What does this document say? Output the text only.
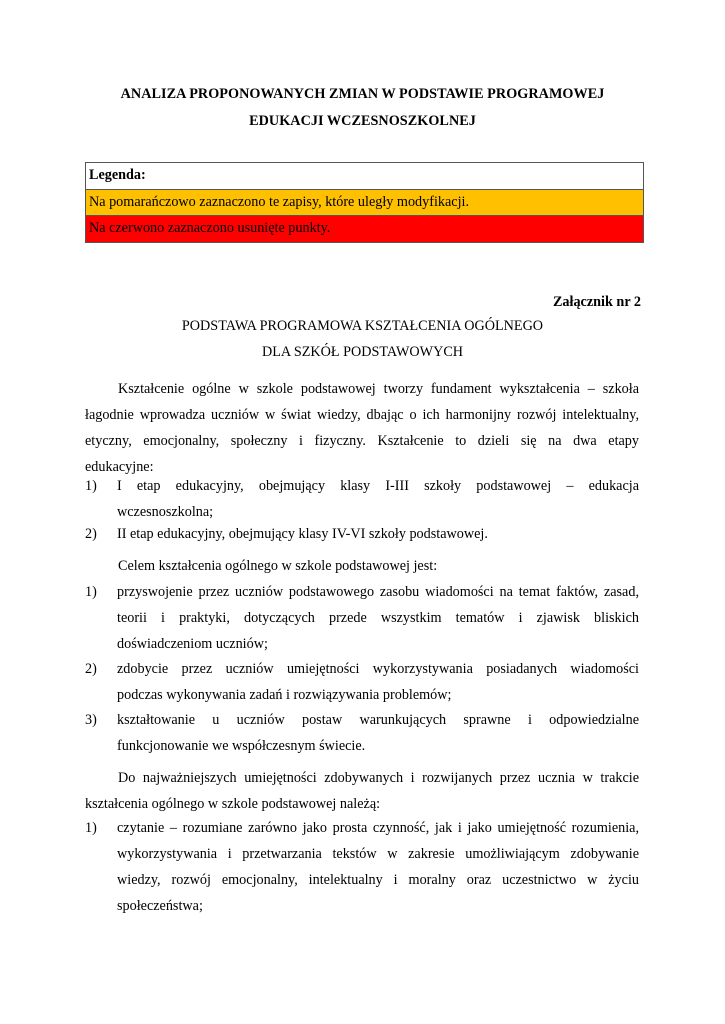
ANALIZA PROPONOWANYCH ZMIAN W PODSTAWIE PROGRAMOWEJ
EDUKACJI WCZESNOSZKOLNEJ
Legenda:
Na pomarańczowo zaznaczono te zapisy, które uległy modyfikacji.
Na czerwono zaznaczono usunięte punkty.
Załącznik nr 2
PODSTAWA PROGRAMOWA KSZTAŁCENIA OGÓLNEGO
DLA SZKÓŁ PODSTAWOWYCH
Kształcenie ogólne w szkole podstawowej tworzy fundament wykształcenia – szkoła
łagodnie wprowadza uczniów w świat wiedzy, dbając o ich harmonijny rozwój intelektualny,
etyczny, emocjonalny, społeczny i fizyczny. Kształcenie to dzieli się na dwa etapy
edukacyjne:
1) I etap edukacyjny, obejmujący klasy I-III szkoły podstawowej – edukacja
wczesnoszkolna;
2) II etap edukacyjny, obejmujący klasy IV-VI szkoły podstawowej.
Celem kształcenia ogólnego w szkole podstawowej jest:
1) przyswojenie przez uczniów podstawowego zasobu wiadomości na temat faktów, zasad,
teorii i praktyki, dotyczących przede wszystkim tematów i zjawisk bliskich
doświadczeniom uczniów;
2) zdobycie przez uczniów umiejętności wykorzystywania posiadanych wiadomości
podczas wykonywania zadań i rozwiązywania problemów;
3) kształtowanie u uczniów postaw warunkujących sprawne i odpowiedzialne
funkcjonowanie we współczesnym świecie.
Do najważniejszych umiejętności zdobywanych i rozwijanych przez ucznia w trakcie
kształcenia ogólnego w szkole podstawowej należą:
1) czytanie – rozumiane zarówno jako prosta czynność, jak i jako umiejętność rozumienia,
wykorzystywania i przetwarzania tekstów w zakresie umożliwiającym zdobywanie
wiedzy, rozwój emocjonalny, intelektualny i moralny oraz uczestnictwo w życiu
społeczeństwa;
